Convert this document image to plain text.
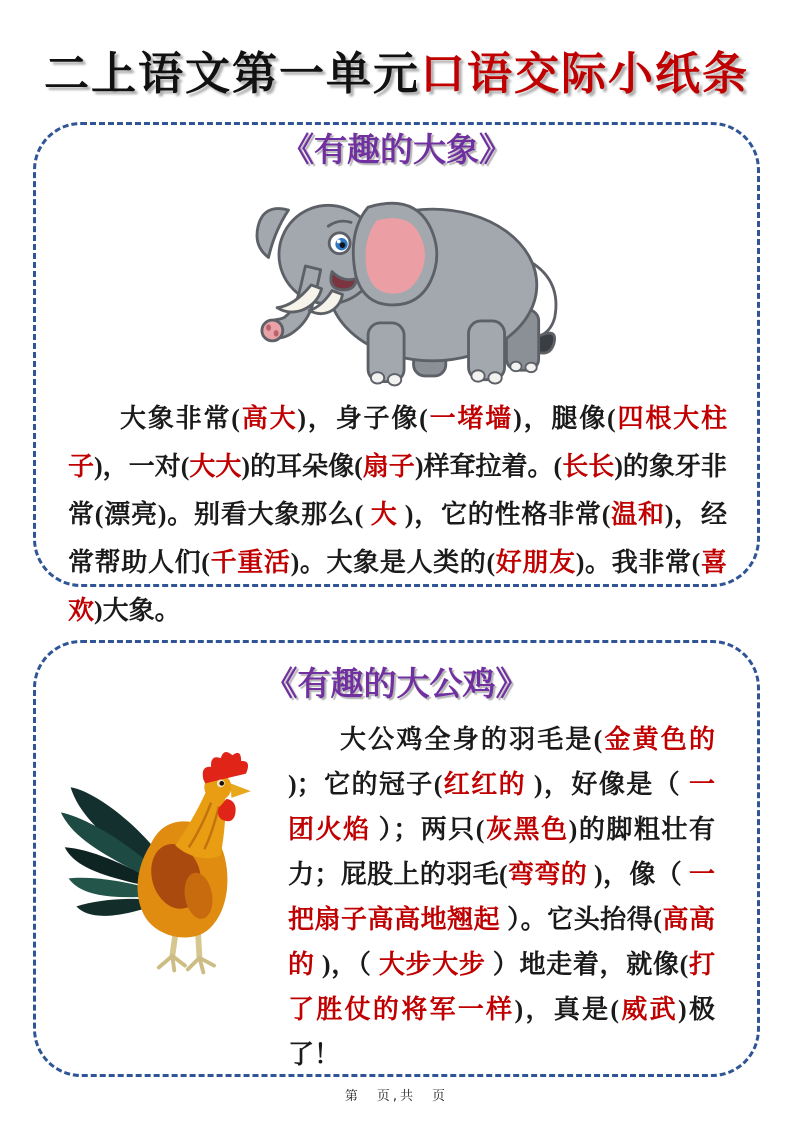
二上语文第一单元口语交际小纸条
《有趣的大象》

大象非常(高大)，身子像(一堵墙)，腿像(四根大柱子)，一对(大大)的耳朵像(扇子)样耷拉着。(长长)的象牙非常(漂亮)。别看大象那么( 大 )，它的性格非常(温和)，经常帮助人们(千重活)。大象是人类的(好朋友)。我非常(喜欢)大象。

《有趣的大公鸡》

大公鸡全身的羽毛是(金黄色的 )；它的冠子(红红的 )，好像是（ 一团火焰 ）；两只(灰黑色)的脚粗壮有力；屁股上的羽毛(弯弯的 )，像（ 一把扇子高高地翘起 ）。它头抬得(高高的 )，（ 大步大步 ）地走着，就像(打了胜仗的将军一样)，真是(威武)极了！

第　页,共　页
